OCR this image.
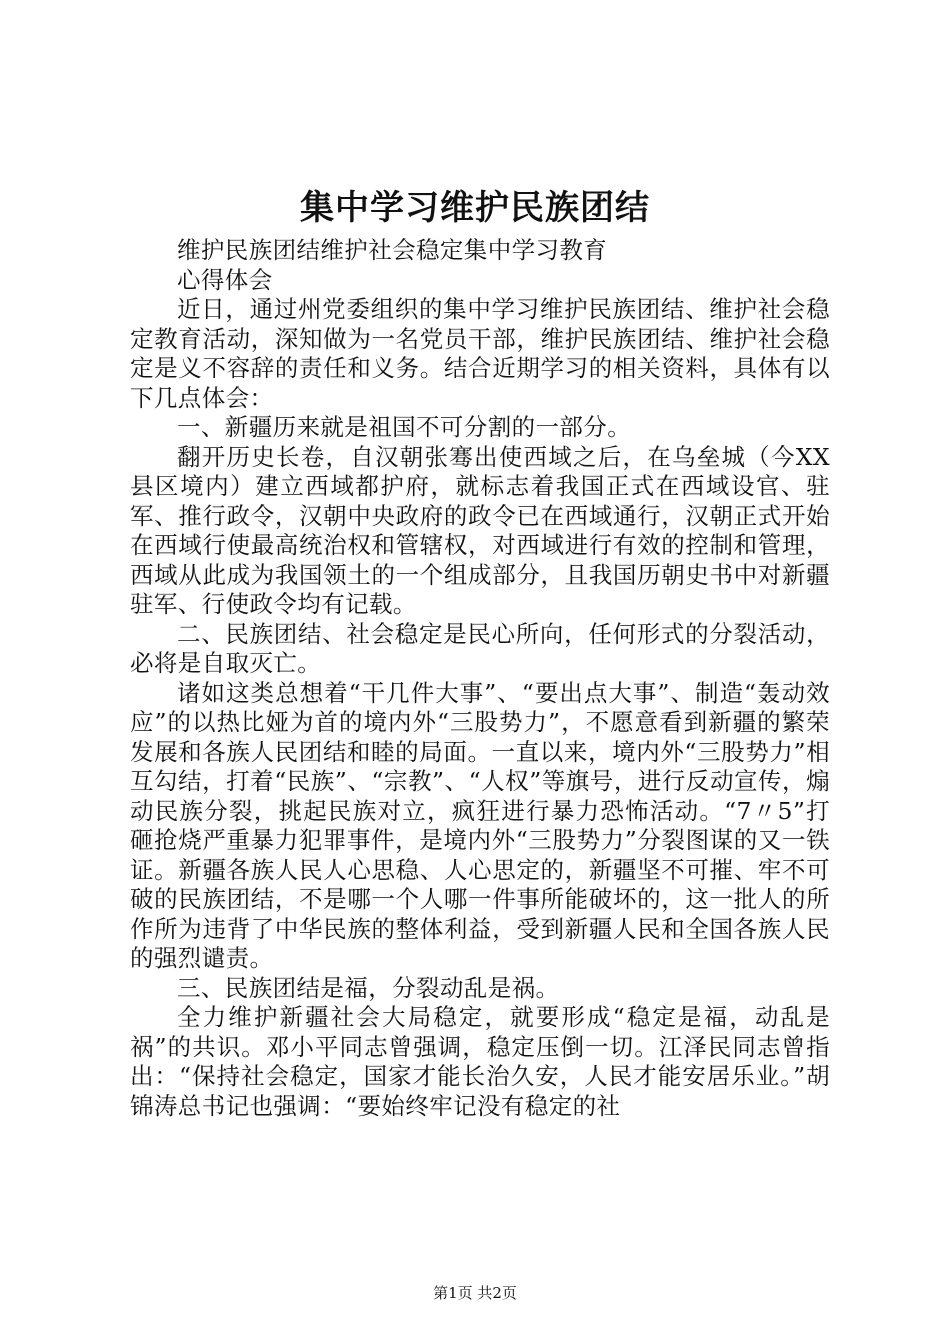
集中学习维护民族团结

维护民族团结维护社会稳定集中学习教育

心得体会

近日，通过州党委组织的集中学习维护民族团结、维护社会稳定教育活动，深知做为一名党员干部，维护民族团结、维护社会稳定是义不容辞的责任和义务。结合近期学习的相关资料，具体有以下几点体会：

一、新疆历来就是祖国不可分割的一部分。

翻开历史长卷，自汉朝张骞出使西域之后，在乌垒城（今XX县区境内）建立西域都护府，就标志着我国正式在西域设官、驻军、推行政令，汉朝中央政府的政令已在西域通行，汉朝正式开始在西域行使最高统治权和管辖权，对西域进行有效的控制和管理，西域从此成为我国领土的一个组成部分，且我国历朝史书中对新疆驻军、行使政令均有记载。

二、民族团结、社会稳定是民心所向，任何形式的分裂活动，必将是自取灭亡。

诸如这类总想着“干几件大事”、“要出点大事”、制造“轰动效应”的以热比娅为首的境内外“三股势力”，不愿意看到新疆的繁荣发展和各族人民团结和睦的局面。一直以来，境内外“三股势力”相互勾结，打着“民族”、“宗教”、“人权”等旗号，进行反动宣传，煽动民族分裂，挑起民族对立，疯狂进行暴力恐怖活动。“7〃5”打砸抢烧严重暴力犯罪事件，是境内外“三股势力”分裂图谋的又一铁证。新疆各族人民人心思稳、人心思定的，新疆坚不可摧、牢不可破的民族团结，不是哪一个人哪一件事所能破坏的，这一批人的所作所为违背了中华民族的整体利益，受到新疆人民和全国各族人民的强烈谴责。

三、民族团结是福，分裂动乱是祸。

全力维护新疆社会大局稳定，就要形成“稳定是福，动乱是祸”的共识。邓小平同志曾强调，稳定压倒一切。江泽民同志曾指出：“保持社会稳定，国家才能长治久安，人民才能安居乐业。”胡锦涛总书记也强调：“要始终牢记没有稳定的社

第1页 共2页
